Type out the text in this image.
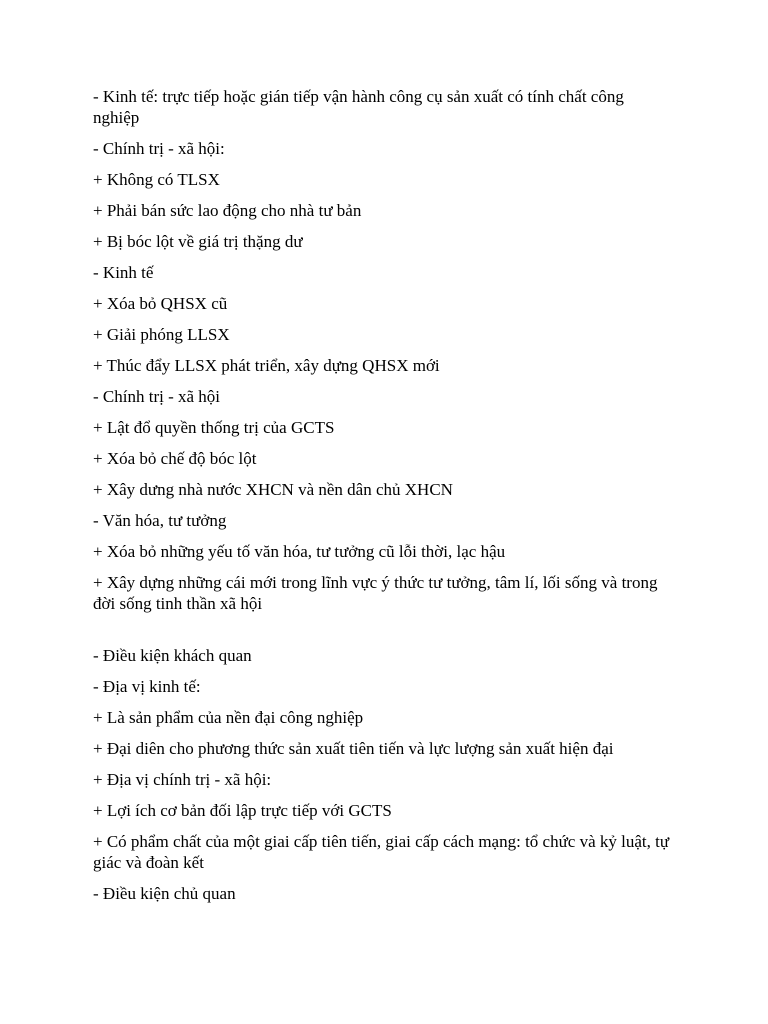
- Kinh tế: trực tiếp hoặc gián tiếp vận hành công cụ sản xuất có tính chất công nghiệp

- Chính trị - xã hội:

+ Không có TLSX

+ Phải bán sức lao động cho nhà tư bản

+ Bị bóc lột về giá trị thặng dư

- Kinh tế

+ Xóa bỏ QHSX cũ

+ Giải phóng LLSX

+ Thúc đẩy LLSX phát triển, xây dựng QHSX mới

- Chính trị - xã hội

+ Lật đổ quyền thống trị của GCTS

+ Xóa bỏ chế độ bóc lột

+ Xây dưng nhà nước XHCN và nền dân chủ XHCN

- Văn hóa, tư tưởng

+ Xóa bỏ những yếu tố văn hóa, tư tưởng cũ lỗi thời, lạc hậu

+ Xây dựng những cái mới trong lĩnh vực ý thức tư tưởng, tâm lí, lối sống và trong đời sống tinh thần xã hội

- Điều kiện khách quan

- Địa vị kinh tế:

+ Là sản phẩm của nền đại công nghiệp

+ Đại diên cho phương thức sản xuất tiên tiến và lực lượng sản xuất hiện đại

+ Địa vị chính trị - xã hội:

+ Lợi ích cơ bản đối lập trực tiếp với GCTS

+ Có phẩm chất của một giai cấp tiên tiến, giai cấp cách mạng: tổ chức và kỷ luật, tự giác và đoàn kết

- Điều kiện chủ quan
